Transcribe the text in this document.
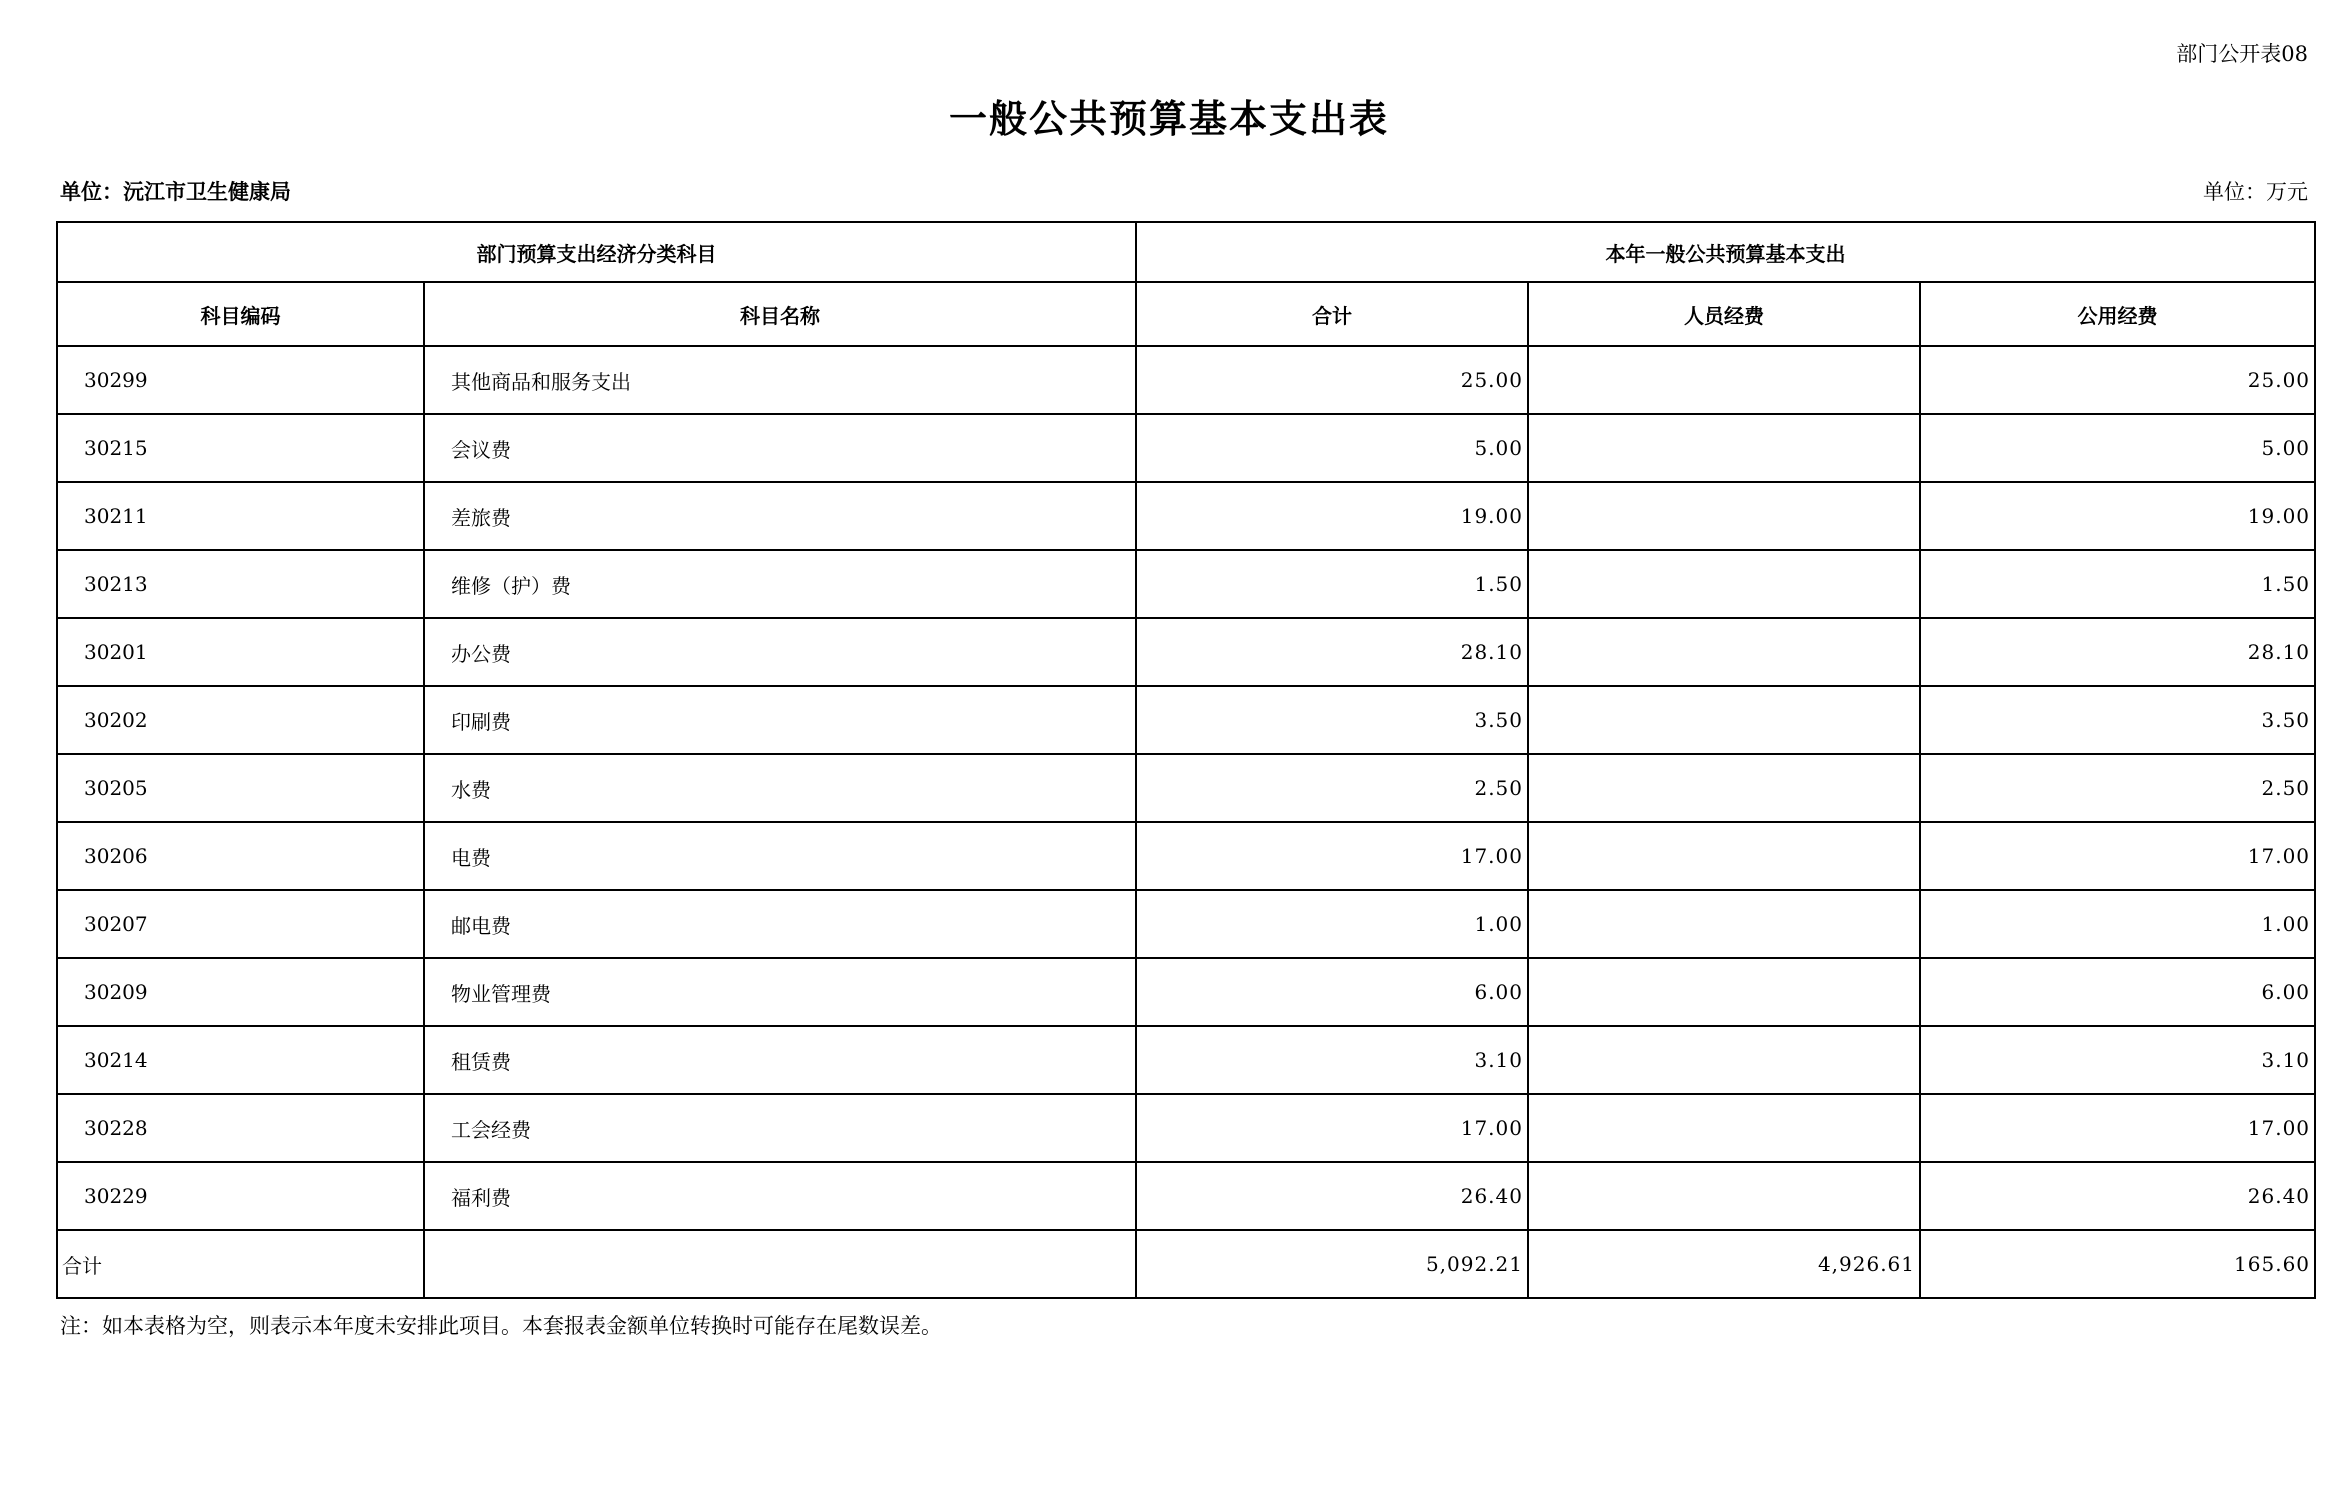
部门公开表08
一般公共预算基本支出表
单位：沅江市卫生健康局	单位：万元
部门预算支出经济分类科目		本年一般公共预算基本支出		
科目编码	科目名称	合计	人员经费	公用经费
30299	其他商品和服务支出	25.00		25.00
30215	会议费	5.00		5.00
30211	差旅费	19.00		19.00
30213	维修（护）费	1.50		1.50
30201	办公费	28.10		28.10
30202	印刷费	3.50		3.50
30205	水费	2.50		2.50
30206	电费	17.00		17.00
30207	邮电费	1.00		1.00
30209	物业管理费	6.00		6.00
30214	租赁费	3.10		3.10
30228	工会经费	17.00		17.00
30229	福利费	26.40		26.40
合计		5,092.21	4,926.61	165.60
注：如本表格为空，则表示本年度未安排此项目。本套报表金额单位转换时可能存在尾数误差。
